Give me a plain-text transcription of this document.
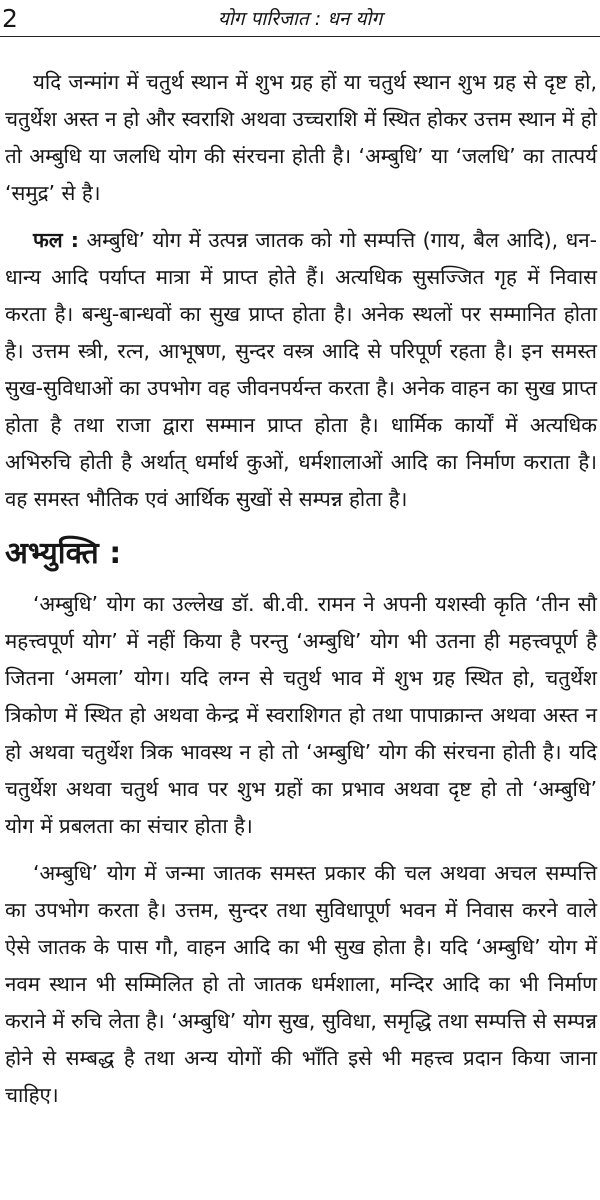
2	योग पारिजात : धन योग

यदि जन्मांग में चतुर्थ स्थान में शुभ ग्रह हों या चतुर्थ स्थान शुभ ग्रह से दृष्ट हो, चतुर्थेश अस्त न हो और स्वराशि अथवा उच्चराशि में स्थित होकर उत्तम स्थान में हो तो अम्बुधि या जलधि योग की संरचना होती है। ‘अम्बुधि’ या ‘जलधि’ का तात्पर्य ‘समुद्र’ से है।

फल : अम्बुधि’ योग में उत्पन्न जातक को गो सम्पत्ति (गाय, बैल आदि), धन-धान्य आदि पर्याप्त मात्रा में प्राप्त होते हैं। अत्यधिक सुसज्जित गृह में निवास करता है। बन्धु-बान्धवों का सुख प्राप्त होता है। अनेक स्थलों पर सम्मानित होता है। उत्तम स्त्री, रत्न, आभूषण, सुन्दर वस्त्र आदि से परिपूर्ण रहता है। इन समस्त सुख-सुविधाओं का उपभोग वह जीवनपर्यन्त करता है। अनेक वाहन का सुख प्राप्त होता है तथा राजा द्वारा सम्मान प्राप्त होता है। धार्मिक कार्यों में अत्यधिक अभिरुचि होती है अर्थात् धर्मार्थ कुओं, धर्मशालाओं आदि का निर्माण कराता है। वह समस्त भौतिक एवं आर्थिक सुखों से सम्पन्न होता है।

अभ्युक्ति :

‘अम्बुधि’ योग का उल्लेख डॉ. बी.वी. रामन ने अपनी यशस्वी कृति ‘तीन सौ महत्त्वपूर्ण योग’ में नहीं किया है परन्तु ‘अम्बुधि’ योग भी उतना ही महत्त्वपूर्ण है जितना ‘अमला’ योग। यदि लग्न से चतुर्थ भाव में शुभ ग्रह स्थित हो, चतुर्थेश त्रिकोण में स्थित हो अथवा केन्द्र में स्वराशिगत हो तथा पापाक्रान्त अथवा अस्त न हो अथवा चतुर्थेश त्रिक भावस्थ न हो तो ‘अम्बुधि’ योग की संरचना होती है। यदि चतुर्थेश अथवा चतुर्थ भाव पर शुभ ग्रहों का प्रभाव अथवा दृष्ट हो तो ‘अम्बुधि’ योग में प्रबलता का संचार होता है।

‘अम्बुधि’ योग में जन्मा जातक समस्त प्रकार की चल अथवा अचल सम्पत्ति का उपभोग करता है। उत्तम, सुन्दर तथा सुविधापूर्ण भवन में निवास करने वाले ऐसे जातक के पास गौ, वाहन आदि का भी सुख होता है। यदि ‘अम्बुधि’ योग में नवम स्थान भी सम्मिलित हो तो जातक धर्मशाला, मन्दिर आदि का भी निर्माण कराने में रुचि लेता है। ‘अम्बुधि’ योग सुख, सुविधा, समृद्धि तथा सम्पत्ति से सम्पन्न होने से सम्बद्ध है तथा अन्य योगों की भाँति इसे भी महत्त्व प्रदान किया जाना चाहिए।
